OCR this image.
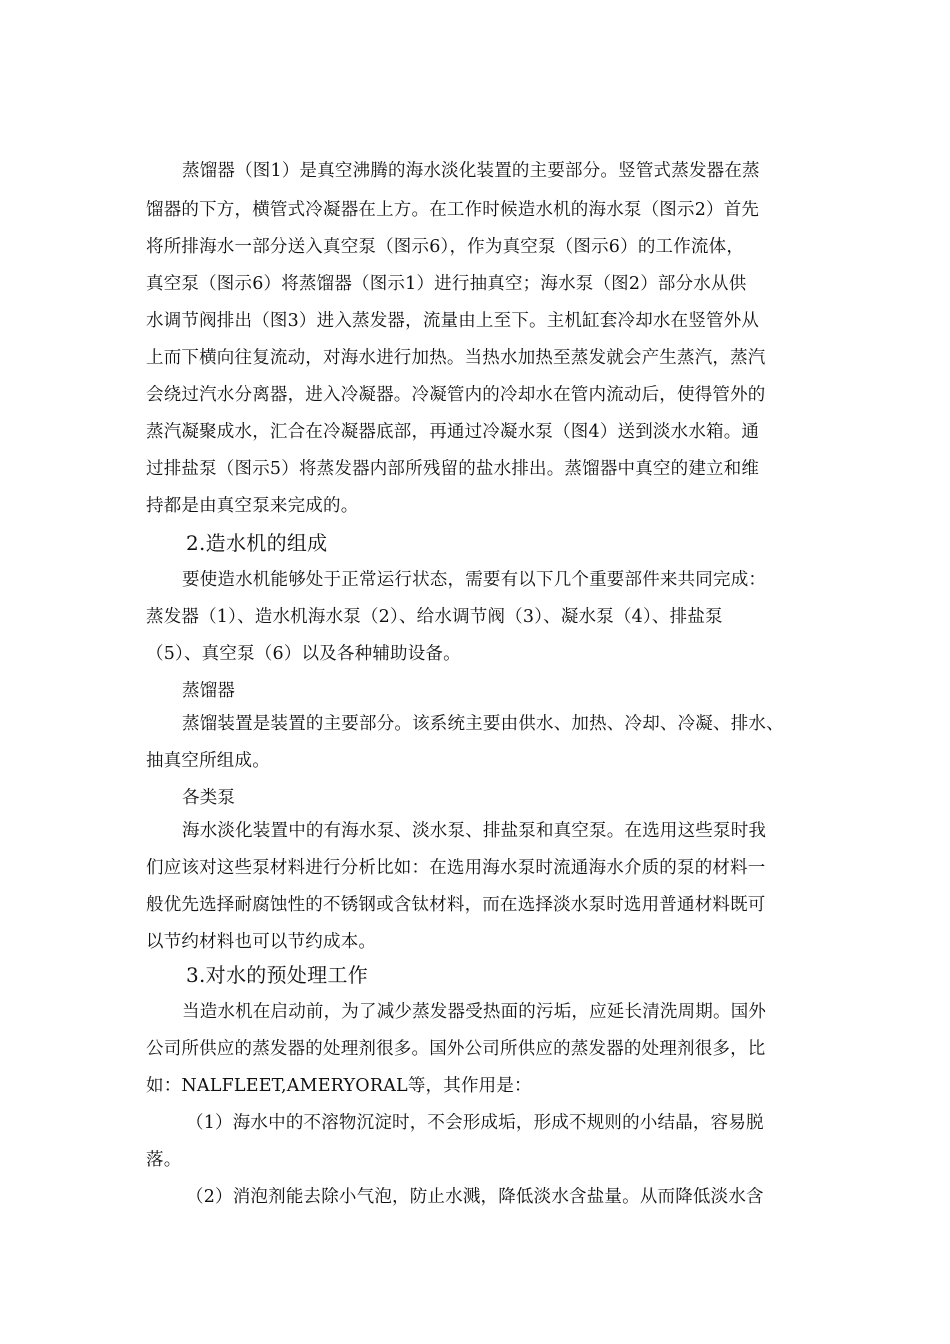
蒸馏器（图1）是真空沸腾的海水淡化装置的主要部分。竖管式蒸发器在蒸
馏器的下方，横管式冷凝器在上方。在工作时候造水机的海水泵（图示2）首先
将所排海水一部分送入真空泵（图示6），作为真空泵（图示6）的工作流体，
真空泵（图示6）将蒸馏器（图示1）进行抽真空；海水泵（图2）部分水从供
水调节阀排出（图3）进入蒸发器，流量由上至下。主机缸套冷却水在竖管外从
上而下横向往复流动，对海水进行加热。当热水加热至蒸发就会产生蒸汽，蒸汽
会绕过汽水分离器，进入冷凝器。冷凝管内的冷却水在管内流动后，使得管外的
蒸汽凝聚成水，汇合在冷凝器底部，再通过冷凝水泵（图4）送到淡水水箱。通
过排盐泵（图示5）将蒸发器内部所残留的盐水排出。蒸馏器中真空的建立和维
持都是由真空泵来完成的。
2.造水机的组成
要使造水机能够处于正常运行状态，需要有以下几个重要部件来共同完成：
蒸发器（1）、造水机海水泵（2）、给水调节阀（3）、凝水泵（4）、排盐泵
（5）、真空泵（6）以及各种辅助设备。
蒸馏器
蒸馏装置是装置的主要部分。该系统主要由供水、加热、冷却、冷凝、排水、
抽真空所组成。
各类泵
海水淡化装置中的有海水泵、淡水泵、排盐泵和真空泵。在选用这些泵时我
们应该对这些泵材料进行分析比如：在选用海水泵时流通海水介质的泵的材料一
般优先选择耐腐蚀性的不锈钢或含钛材料，而在选择淡水泵时选用普通材料既可
以节约材料也可以节约成本。
3.对水的预处理工作
当造水机在启动前，为了减少蒸发器受热面的污垢，应延长清洗周期。国外
公司所供应的蒸发器的处理剂很多。国外公司所供应的蒸发器的处理剂很多，比
如：NALFLEET,AMERYORAL等，其作用是：
（1）海水中的不溶物沉淀时，不会形成垢，形成不规则的小结晶，容易脱
落。
（2）消泡剂能去除小气泡，防止水溅，降低淡水含盐量。从而降低淡水含
